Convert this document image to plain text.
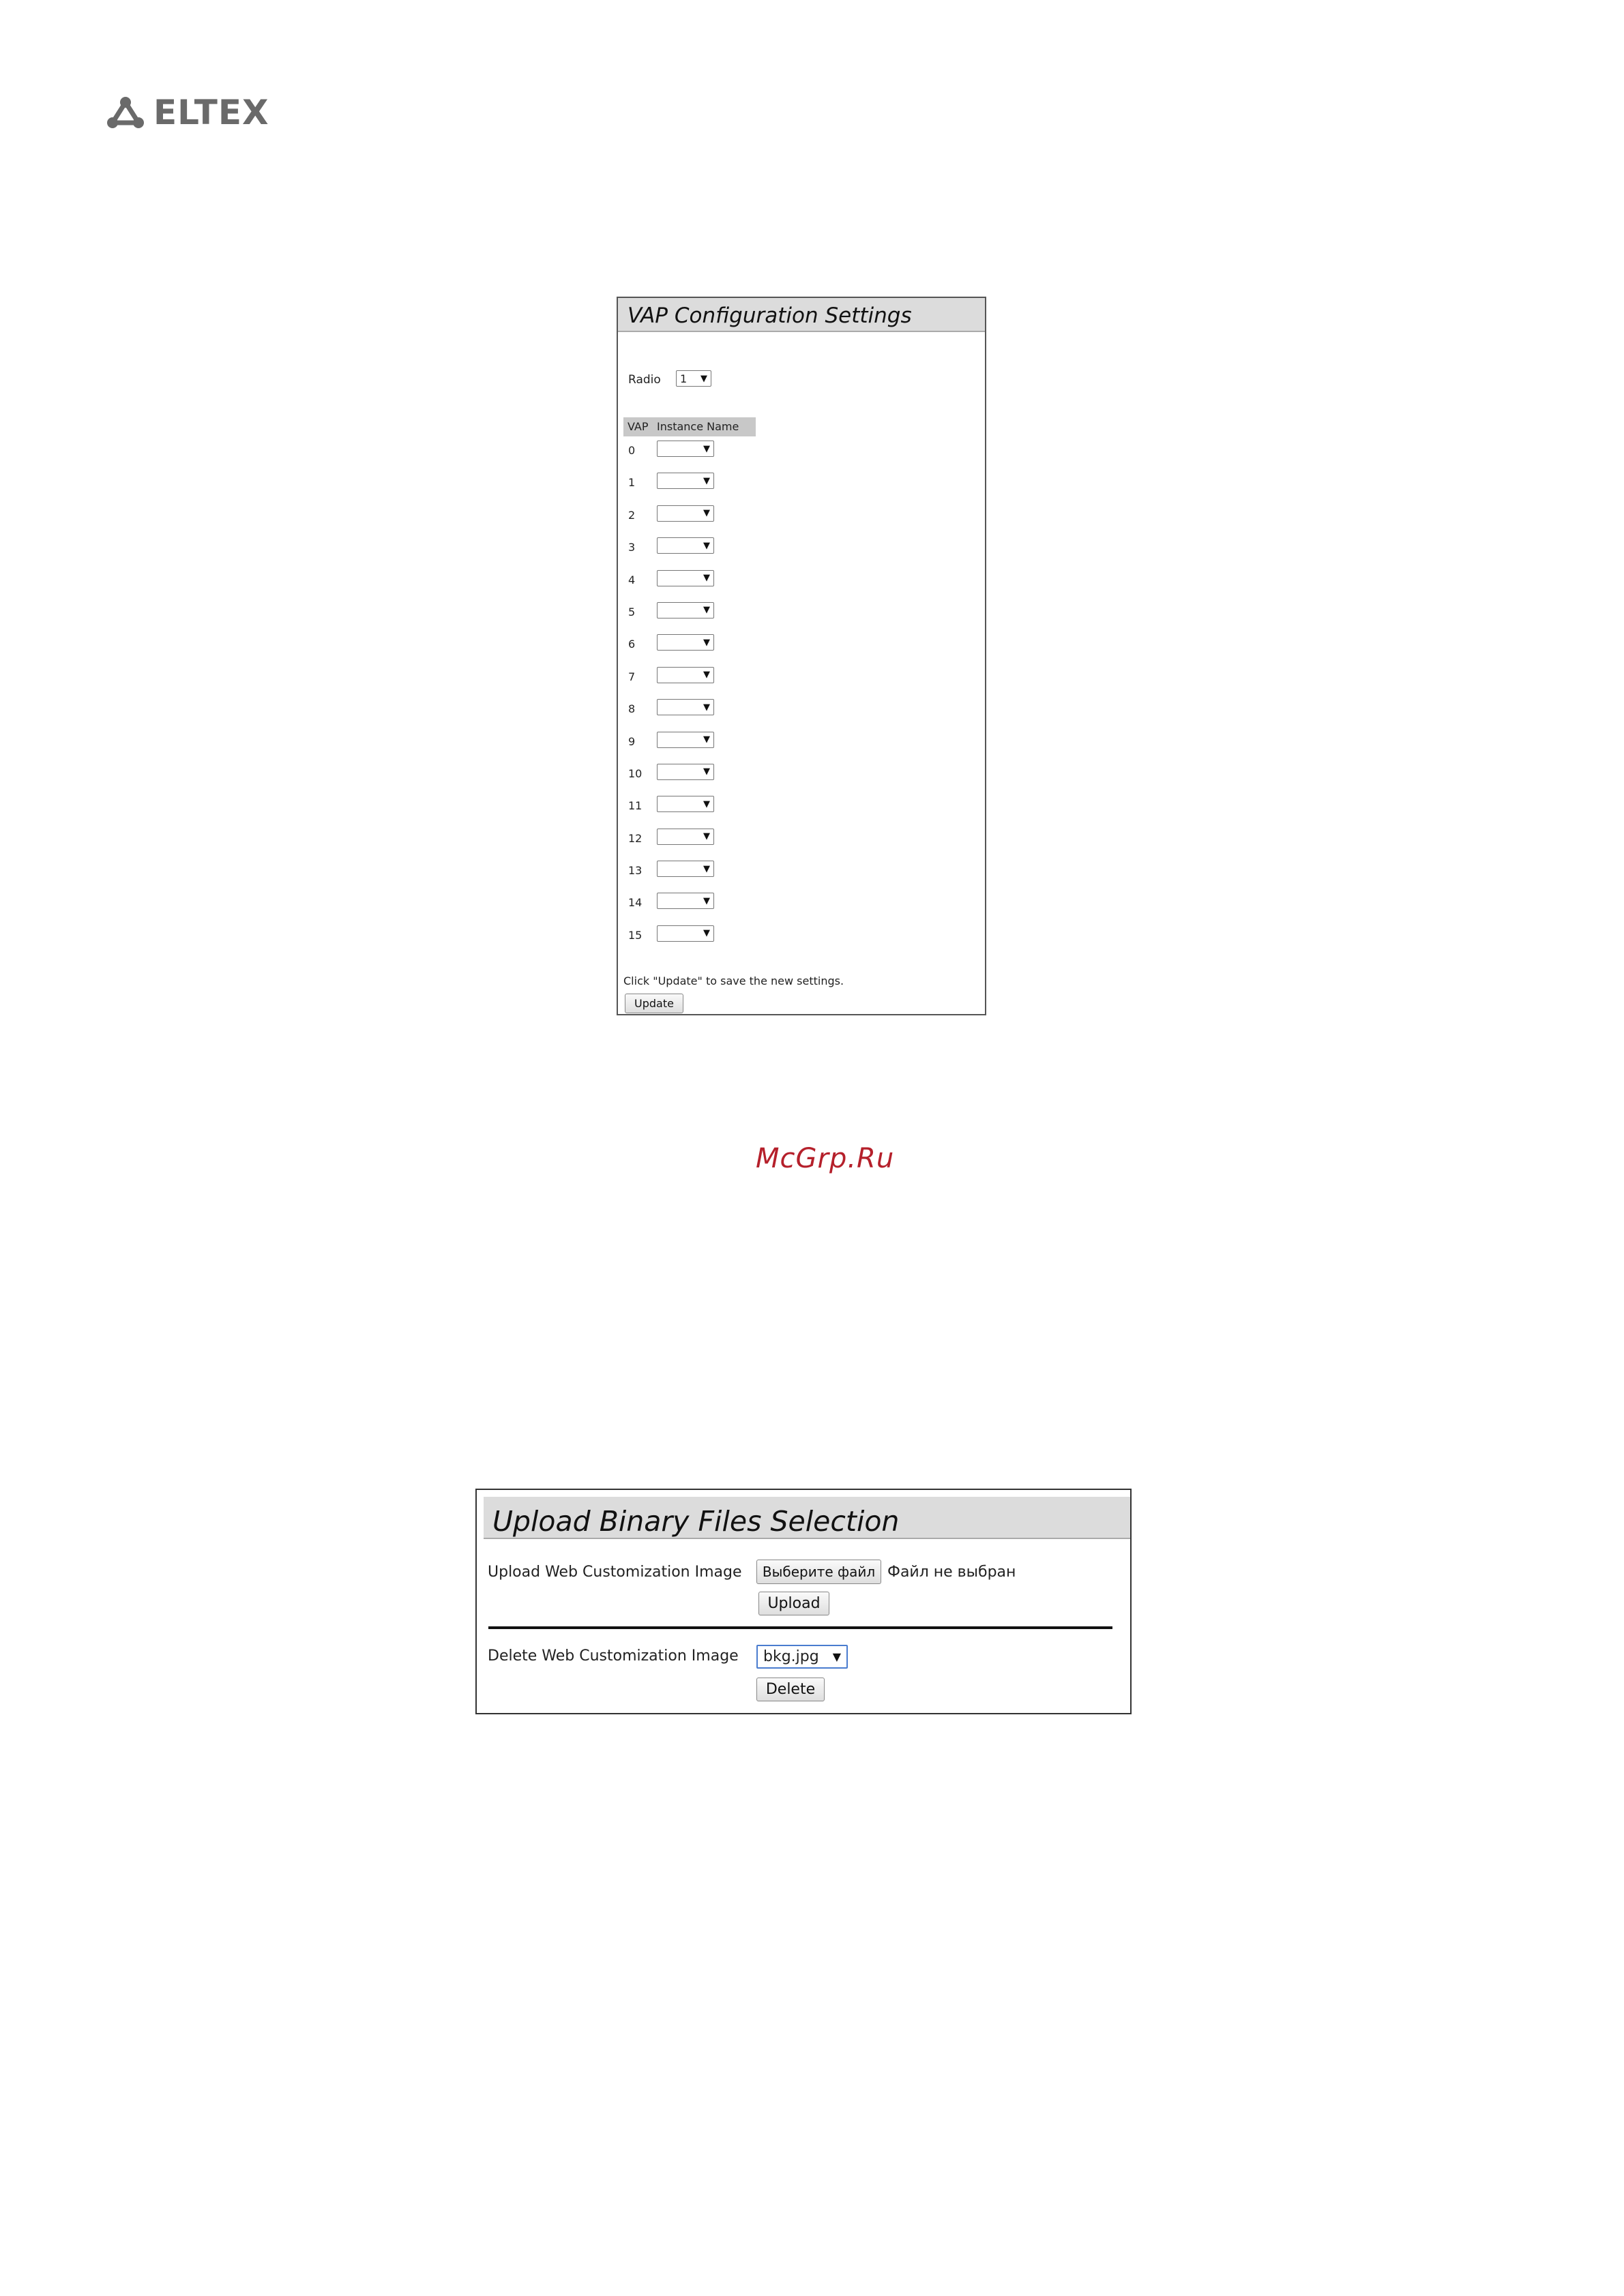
ELTEX
VAP Configuration Settings
Radio 1 ▼
VAP Instance Name
0	▼
1	▼
2	▼
3	▼
4	▼
5	▼
6	▼
7	▼
8	▼
9	▼
10	▼
11	▼
12	▼
13	▼
14	▼
15	▼
Click "Update" to save the new settings.
Update
McGrp.Ru
Upload Binary Files Selection
Upload Web Customization Image	Выберите файл Файл не выбран
Upload
Delete Web Customization Image bkg.jpg ▼
Delete
